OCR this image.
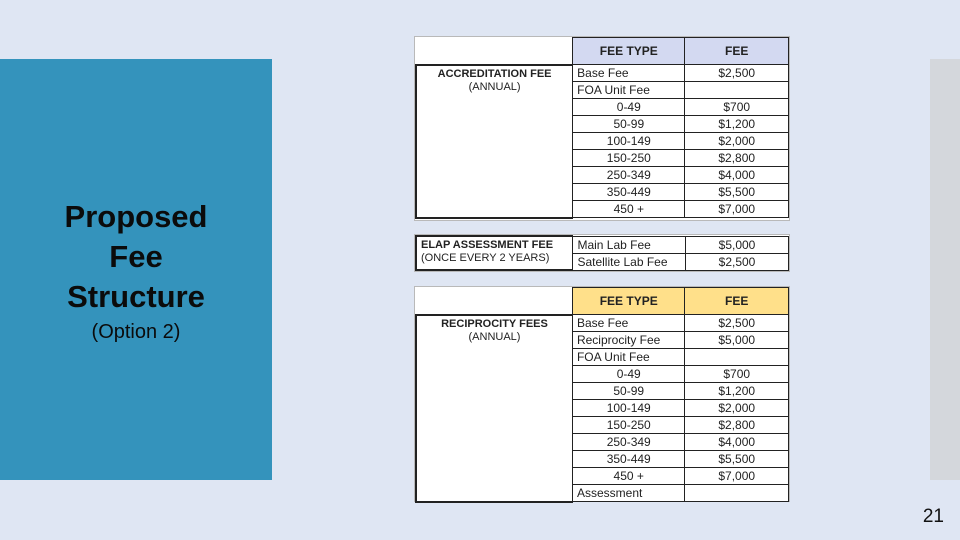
Proposed
Fee
Structure
(Option 2)
	FEE TYPE	FEE

ACCREDITATION FEE
(ANNUAL)	Base Fee	$2,500
	FOA Unit Fee	
	0-49	$700
	50-99	$1,200
	100-149	$2,000
	150-250	$2,800
	250-349	$4,000
	350-449	$5,500
	450 +	$7,000
ELAP ASSESSMENT FEE
(ONCE EVERY 2 YEARS)	Main Lab Fee	$5,000
	Satellite Lab Fee	$2,500
	FEE TYPE	FEE

RECIPROCITY FEES
(ANNUAL)	Base Fee	$2,500
	Reciprocity Fee	$5,000
	FOA Unit Fee	
	0-49	$700
	50-99	$1,200
	100-149	$2,000
	150-250	$2,800
	250-349	$4,000
	350-449	$5,500
	450 +	$7,000
	Assessment	
21
